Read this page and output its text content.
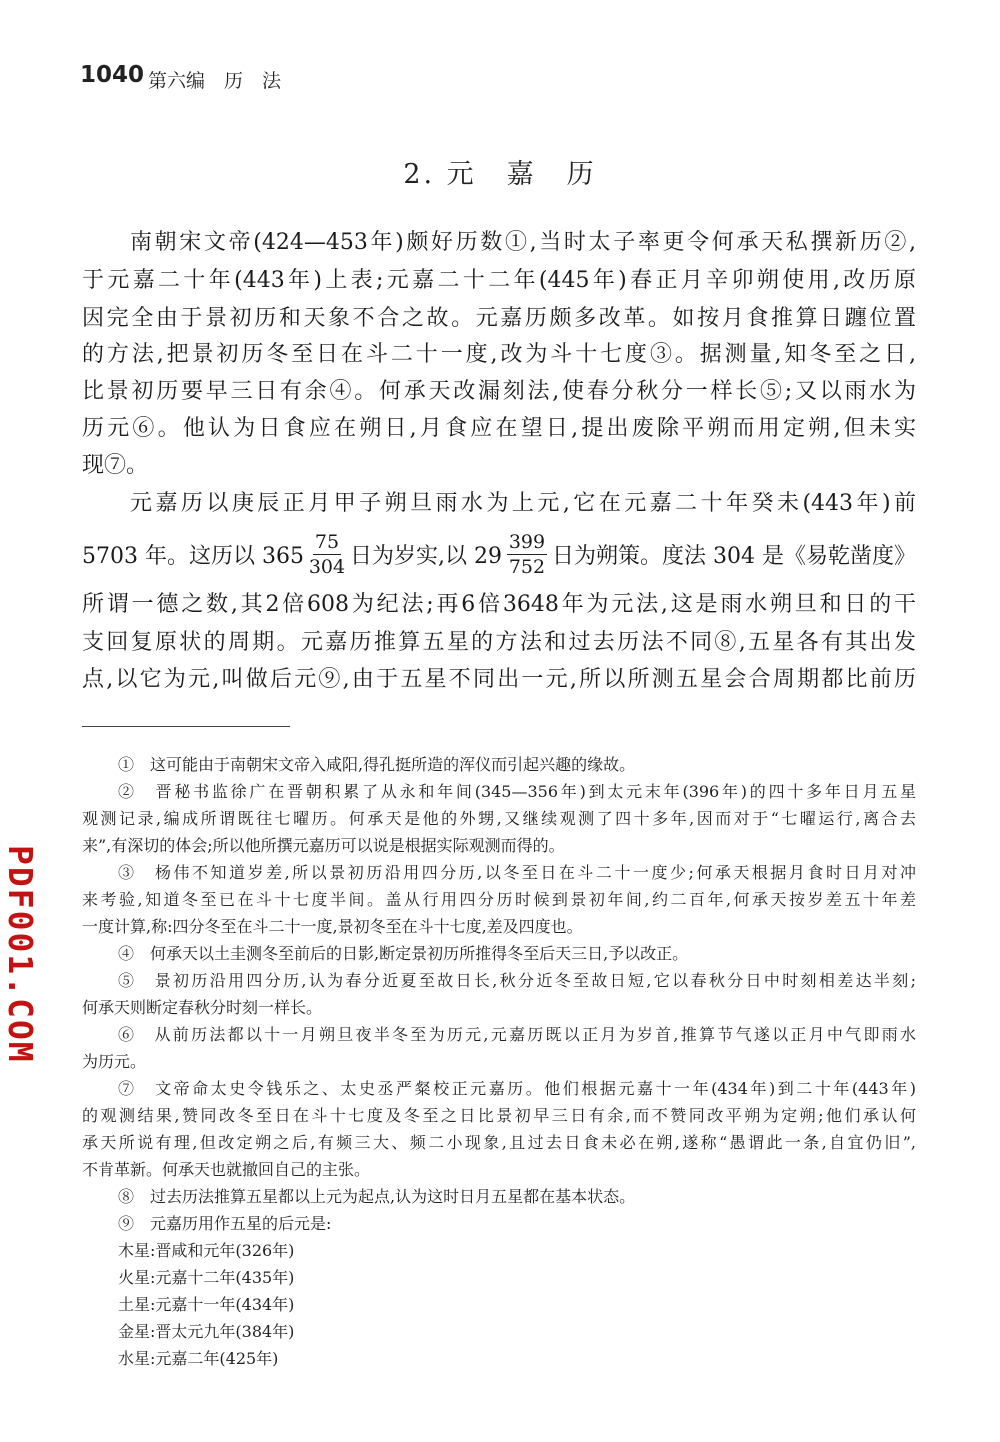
1040 第六编　历　法
2. 元　嘉　历
南朝宋文帝(424—453年)颇好历数①,当时太子率更令何承天私撰新历②,
于元嘉二十年(443年)上表;元嘉二十二年(445年)春正月辛卯朔使用,改历原
因完全由于景初历和天象不合之故。元嘉历颇多改革。如按月食推算日躔位置
的方法,把景初历冬至日在斗二十一度,改为斗十七度③。据测量,知冬至之日,
比景初历要早三日有余④。何承天改漏刻法,使春分秋分一样长⑤;又以雨水为
历元⑥。他认为日食应在朔日,月食应在望日,提出废除平朔而用定朔,但未实
现⑦。
元嘉历以庚辰正月甲子朔旦雨水为上元,它在元嘉二十年癸未(443年)前
5703 年。这历以 $365 \frac{75}{304}$ 日为岁实,以 $29 \frac{399}{752}$ 日为朔策。度法 304 是《易乾凿度》
所谓一德之数,其2倍608为纪法;再6倍3648年为元法,这是雨水朔旦和日的干
支回复原状的周期。元嘉历推算五星的方法和过去历法不同⑧,五星各有其出发
点,以它为元,叫做后元⑨,由于五星不同出一元,所以所测五星会合周期都比前历
①　这可能由于南朝宋文帝入咸阳,得孔挺所造的浑仪而引起兴趣的缘故。
②　晋秘书监徐广在晋朝积累了从永和年间(345—356年)到太元末年(396年)的四十多年日月五星
观测记录,编成所谓既往七曜历。何承天是他的外甥,又继续观测了四十多年,因而对于“七曜运行,离合去
来”,有深切的体会;所以他所撰元嘉历可以说是根据实际观测而得的。
③　杨伟不知道岁差,所以景初历沿用四分历,以冬至日在斗二十一度少;何承天根据月食时日月对冲
来考验,知道冬至已在斗十七度半间。盖从行用四分历时候到景初年间,约二百年,何承天按岁差五十年差
一度计算,称:四分冬至在斗二十一度,景初冬至在斗十七度,差及四度也。
④　何承天以土圭测冬至前后的日影,断定景初历所推得冬至后天三日,予以改正。
⑤　景初历沿用四分历,认为春分近夏至故日长,秋分近冬至故日短,它以春秋分日中时刻相差达半刻;
何承天则断定春秋分时刻一样长。
⑥　从前历法都以十一月朔旦夜半冬至为历元,元嘉历既以正月为岁首,推算节气遂以正月中气即雨水
为历元。
⑦　文帝命太史令钱乐之、太史丞严粲校正元嘉历。他们根据元嘉十一年(434年)到二十年(443年)
的观测结果,赞同改冬至日在斗十七度及冬至之日比景初早三日有余,而不赞同改平朔为定朔;他们承认何
承天所说有理,但改定朔之后,有频三大、频二小现象,且过去日食未必在朔,遂称“愚谓此一条,自宜仍旧”,
不肯革新。何承天也就撤回自己的主张。
⑧　过去历法推算五星都以上元为起点,认为这时日月五星都在基本状态。
⑨　元嘉历用作五星的后元是:
木星:晋咸和元年(326年)
火星:元嘉十二年(435年)
土星:元嘉十一年(434年)
金星:晋太元九年(384年)
水星:元嘉二年(425年)
PDF001.COM
